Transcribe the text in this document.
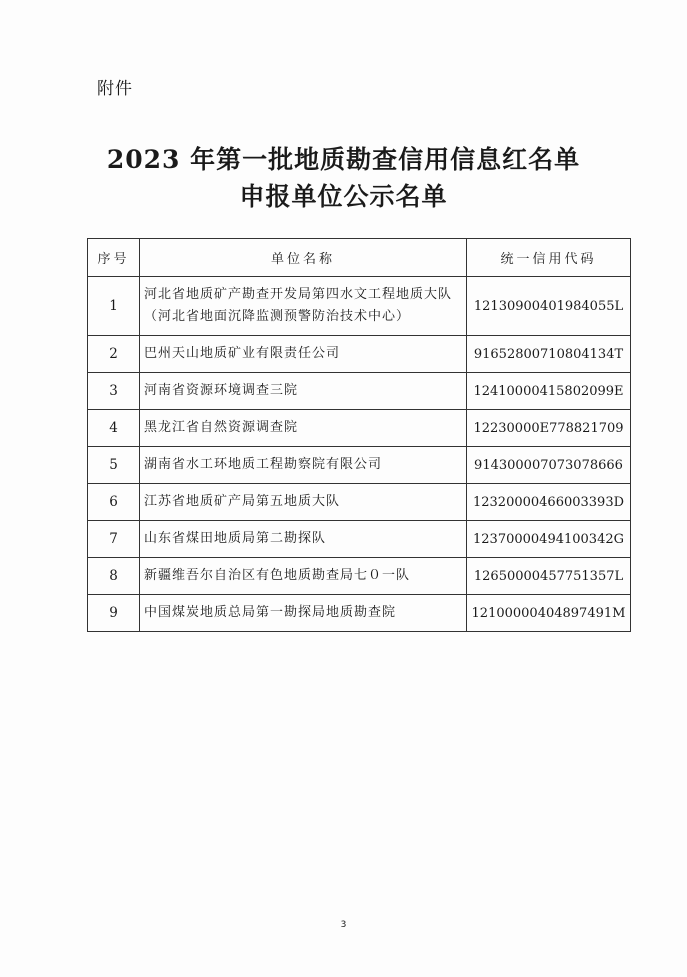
附件
2023 年第一批地质勘查信用信息红名单
申报单位公示名单
序号	单位名称	统一信用代码
1	河北省地质矿产勘查开发局第四水文工程地质大队（河北省地面沉降监测预警防治技术中心）	12130900401984055L
2	巴州天山地质矿业有限责任公司	91652800710804134T
3	河南省资源环境调查三院	12410000415802099E
4	黑龙江省自然资源调查院	12230000E778821709
5	湖南省水工环地质工程勘察院有限公司	914300007073078666
6	江苏省地质矿产局第五地质大队	12320000466003393D
7	山东省煤田地质局第二勘探队	12370000494100342G
8	新疆维吾尔自治区有色地质勘查局七０一队	12650000457751357L
9	中国煤炭地质总局第一勘探局地质勘查院	12100000404897491M
3
